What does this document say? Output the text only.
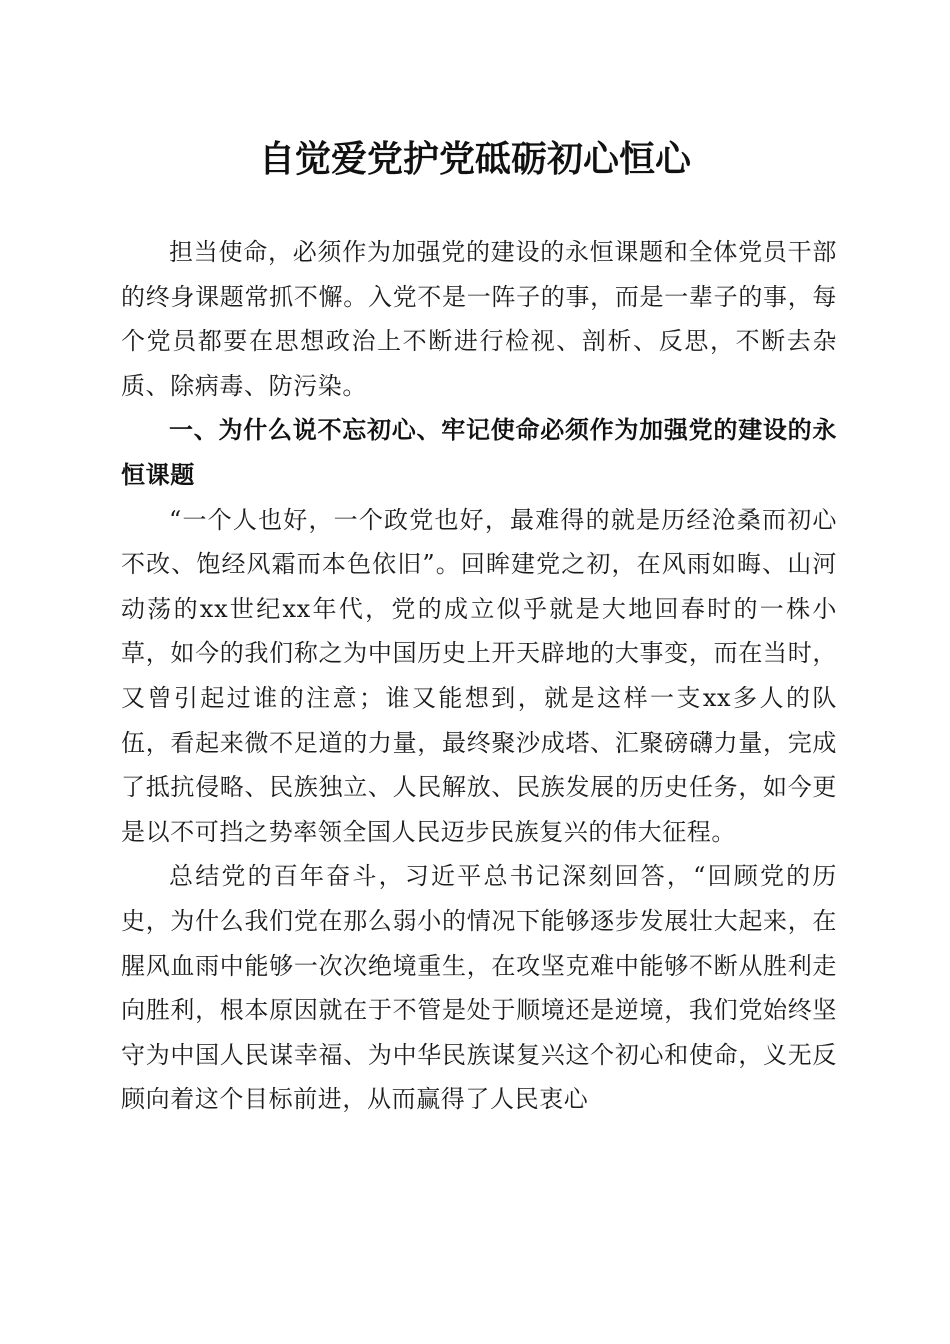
自觉爱党护党砥砺初心恒心

担当使命，必须作为加强党的建设的永恒课题和全体党员干部的终身课题常抓不懈。入党不是一阵子的事，而是一辈子的事，每个党员都要在思想政治上不断进行检视、剖析、反思，不断去杂质、除病毒、防污染。

一、为什么说不忘初心、牢记使命必须作为加强党的建设的永恒课题

“一个人也好，一个政党也好，最难得的就是历经沧桑而初心不改、饱经风霜而本色依旧”。回眸建党之初，在风雨如晦、山河动荡的xx世纪xx年代，党的成立似乎就是大地回春时的一株小草，如今的我们称之为中国历史上开天辟地的大事变，而在当时，又曾引起过谁的注意；谁又能想到，就是这样一支xx多人的队伍，看起来微不足道的力量，最终聚沙成塔、汇聚磅礴力量，完成了抵抗侵略、民族独立、人民解放、民族发展的历史任务，如今更是以不可挡之势率领全国人民迈步民族复兴的伟大征程。

总结党的百年奋斗，习近平总书记深刻回答，“回顾党的历史，为什么我们党在那么弱小的情况下能够逐步发展壮大起来，在腥风血雨中能够一次次绝境重生，在攻坚克难中能够不断从胜利走向胜利，根本原因就在于不管是处于顺境还是逆境，我们党始终坚守为中国人民谋幸福、为中华民族谋复兴这个初心和使命，义无反顾向着这个目标前进，从而赢得了人民衷心
